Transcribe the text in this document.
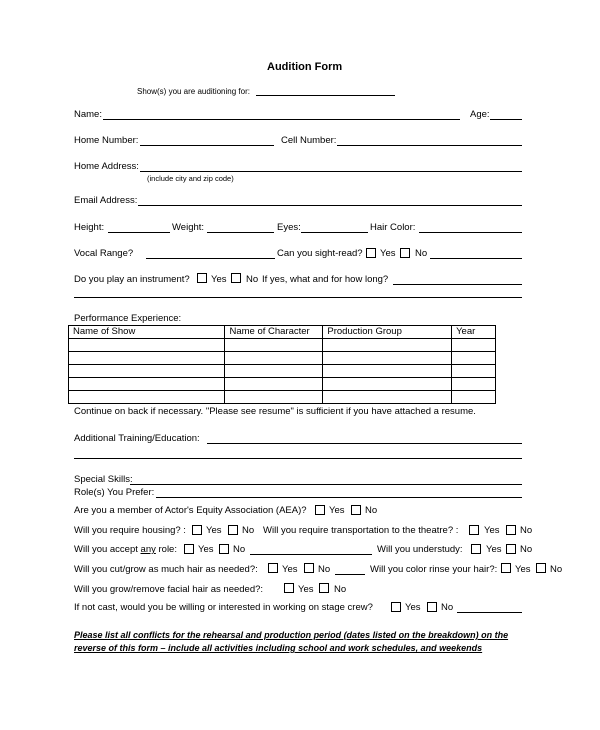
Audition Form
Show(s) you are auditioning for:
Name:	Age:
Home Number:	Cell Number:
Home Address:
(include city and zip code)
Email Address:
Height:	Weight:	Eyes:	Hair Color:
Vocal Range?	Can you sight-read? Yes No
Do you play an instrument? Yes No If yes, what and for how long?
Performance Experience:
Name of Show	Name of Character	Production Group	Year

Continue on back if necessary. "Please see resume" is sufficient if you have attached a resume.
Additional Training/Education:
Special Skills:
Role(s) You Prefer:
Are you a member of Actor's Equity Association (AEA)? Yes No
Will you require housing? : Yes No Will you require transportation to the theatre? :	Yes No
Will you accept any role: Yes No	Will you understudy: Yes No
Will you cut/grow as much hair as needed?:	Yes No	Will you color rinse your hair?: Yes No
Will you grow/remove facial hair as needed?:	Yes No
If not cast, would you be willing or interested in working on stage crew?	Yes No
Please list all conflicts for the rehearsal and production period (dates listed on the breakdown) on the
reverse of this form – include all activities including school and work schedules, and weekends
